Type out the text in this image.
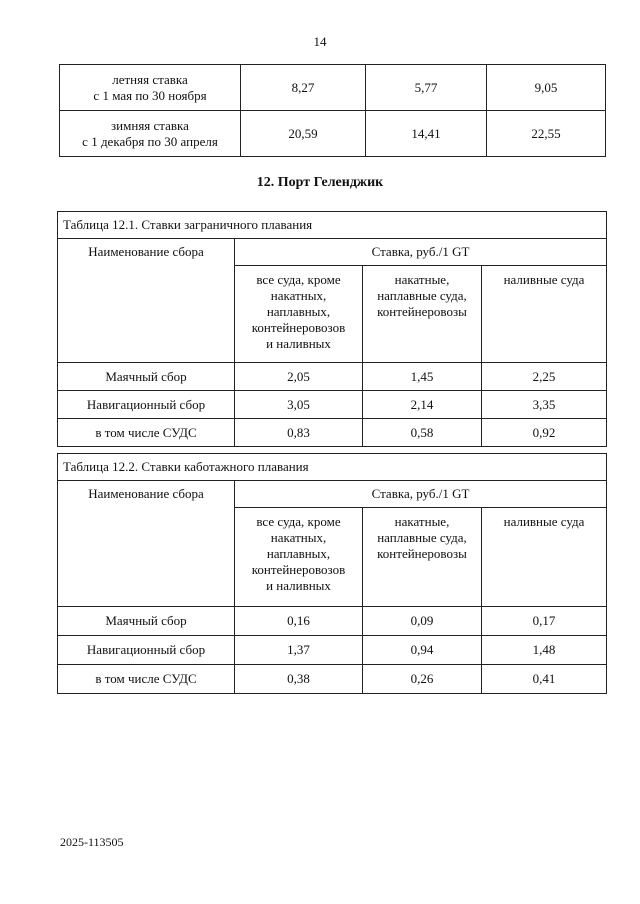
14
летняя ставка
с 1 мая по 30 ноября	8,27	5,77	9,05
зимняя ставка
с 1 декабря по 30 апреля	20,59	14,41	22,55
12. Порт Геленджик
Таблица 12.1. Ставки заграничного плавания			
Наименование сбора	Ставка, руб./1 GT		
	все суда, кроме
накатных,
наплавных,
контейнеровозов
и наливных	накатные,
наплавные суда,
контейнеровозы	наливные суда
Маячный сбор	2,05	1,45	2,25
Навигационный сбор	3,05	2,14	3,35
в том числе СУДС	0,83	0,58	0,92
Таблица 12.2. Ставки каботажного плавания			
Наименование сбора	Ставка, руб./1 GT		
	все суда, кроме
накатных,
наплавных,
контейнеровозов
и наливных	накатные,
наплавные суда,
контейнеровозы	наливные суда
Маячный сбор	0,16	0,09	0,17
Навигационный сбор	1,37	0,94	1,48
в том числе СУДС	0,38	0,26	0,41
2025-113505
